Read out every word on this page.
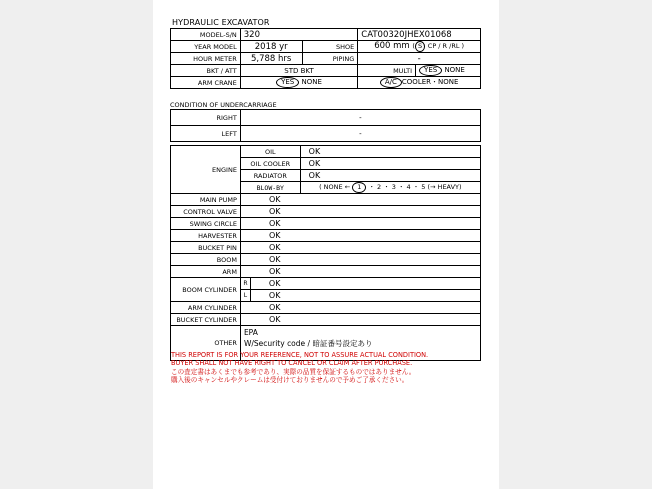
HYDRAULIC EXCAVATOR
MODEL-S/N	320		CAT00320JHEX01068	
YEAR MODEL	2018 yr	SHOE	600 mm ( S CP / R /RL )	
HOUR METER	5,788 hrs	PIPING	-	
BKT / ATT	STD BKT		MULTI	YES NONE
ARM CRANE	YES NONE		A/C COOLER・NONE	
CONDITION OF UNDERCARRIAGE
RIGHT	-
LEFT	-
ENGINE	OIL		OK
	OIL COOLER		OK
	RADIATOR		OK
	BLOW-BY		( NONE ← 1 ・ 2 ・ 3 ・ 4 ・ 5 (→ HEAVY)
MAIN PUMP	OK		
CONTROL VALVE	OK		
SWING CIRCLE	OK		
HARVESTER	OK		
BUCKET PIN	OK		
BOOM	OK		
ARM	OK		
BOOM CYLINDER	R	OK	
	L	OK	
ARM CYLINDER	OK		
BUCKET CYLINDER	OK		
OTHER	EPA
W/Security code / 暗証番号設定あり		
THIS REPORT IS FOR YOUR REFERENCE, NOT TO ASSURE ACTUAL CONDITION.
BUYER SHALL NOT HAVE RIGHT TO CANCEL OR CLAIM AFTER PURCHASE.
この査定書はあくまでも参考であり、実際の品質を保証するものではありません。
購入後のキャンセルやクレームは受付けておりませんので予めご了承ください。
